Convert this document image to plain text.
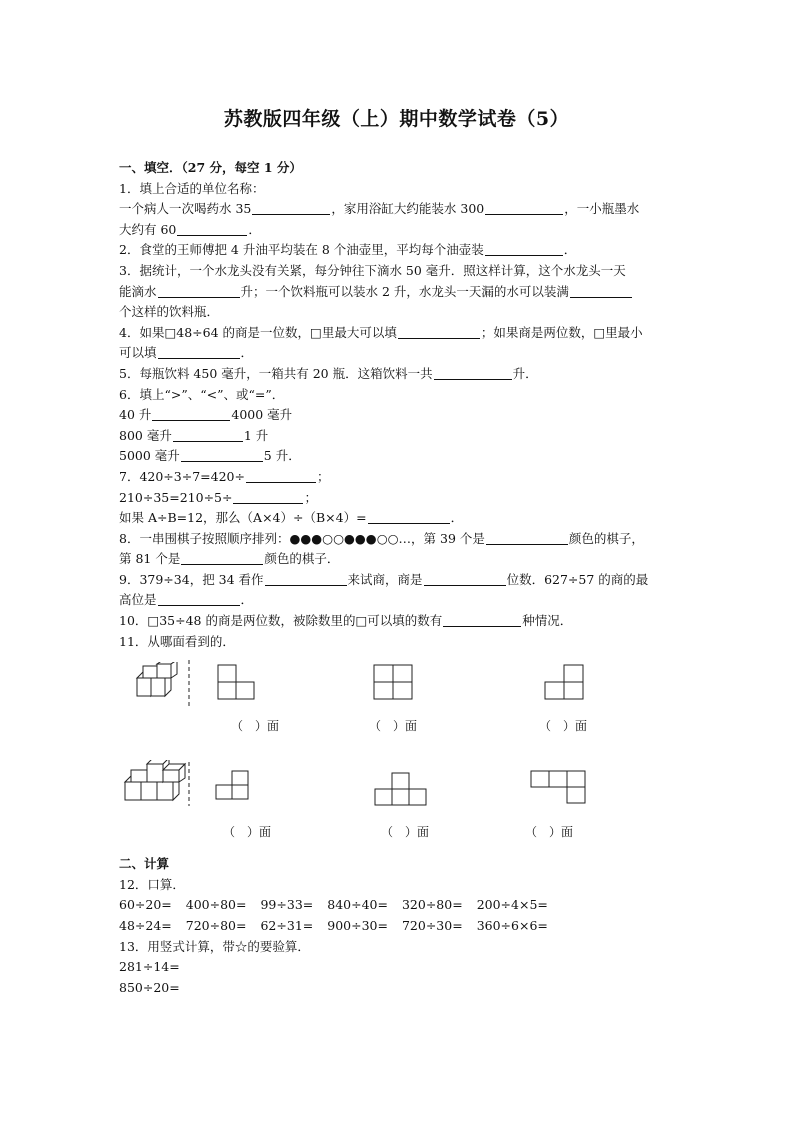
苏教版四年级（上）期中数学试卷（5）
一、填空．（27 分，每空 1 分）
1．填上合适的单位名称：
一个病人一次喝药水 35	，家用浴缸大约能装水 300	，一小瓶墨水
大约有 60	．
2．食堂的王师傅把 4 升油平均装在 8 个油壶里，平均每个油壶装	．
3．据统计，一个水龙头没有关紧，每分钟往下滴水 50 毫升．照这样计算，这个水龙头一天
能滴水	升；一个饮料瓶可以装水 2 升，水龙头一天漏的水可以装满
个这样的饮料瓶．
4．如果□48÷64 的商是一位数，□里最大可以填	；如果商是两位数，□里最小
可以填	．
5．每瓶饮料 450 毫升，一箱共有 20 瓶．这箱饮料一共	升．
6．填上“>”、“<”、或“=”．
40 升	4000 毫升
800 毫升	1 升
5000 毫升	5 升．
7．420÷3÷7=420÷	；
210÷35=210÷5÷	；
如果 A÷B=12，那么（A×4）÷（B×4）=	．
8．一串围棋子按照顺序排列：●●●○○●●●○○…，第 39 个是	颜色的棋子，
第 81 个是	颜色的棋子．
9．379÷34，把 34 看作	来试商，商是	位数．627÷57 的商的最
高位是	．
10．□35÷48 的商是两位数，被除数里的□可以填的数有	种情况．
11．从哪面看到的．
（　）面	（　）面	（　）面
（　）面	（　）面	（　）面
二、计算
12．口算．
60÷20= 400÷80= 99÷33= 840÷40= 320÷80= 200÷4×5=
48÷24= 720÷80= 62÷31= 900÷30= 720÷30= 360÷6×6=
13．用竖式计算，带☆的要验算．
281÷14=
850÷20=
